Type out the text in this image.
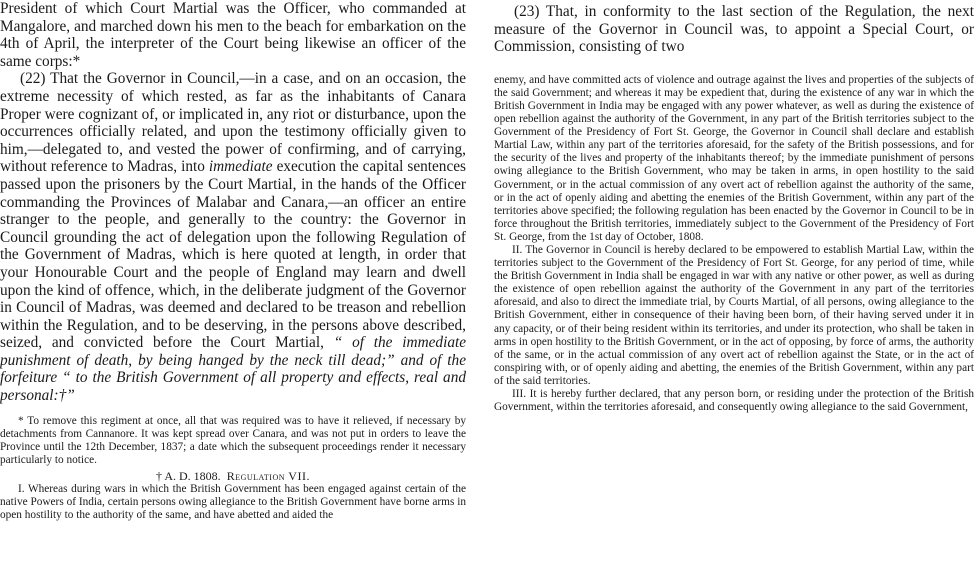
President of which Court Martial was the Officer, who commanded at Mangalore, and marched down his men to the beach for embarkation on the 4th of April, the interpreter of the Court being likewise an officer of the same corps:*

(22) That the Governor in Council,—in a case, and on an occasion, the extreme necessity of which rested, as far as the inhabitants of Canara Proper were cognizant of, or implicated in, any riot or disturbance, upon the occurrences officially related, and upon the testimony officially given to him,—delegated to, and vested the power of confirming, and of carrying, without reference to Madras, into immediate execution the capital sentences passed upon the prisoners by the Court Martial, in the hands of the Officer commanding the Provinces of Malabar and Canara,—an officer an entire stranger to the people, and generally to the country: the Governor in Council grounding the act of delegation upon the following Regulation of the Government of Madras, which is here quoted at length, in order that your Honourable Court and the people of England may learn and dwell upon the kind of offence, which, in the deliberate judgment of the Governor in Council of Madras, was deemed and declared to be treason and rebellion within the Regulation, and to be deserving, in the persons above described, seized, and convicted before the Court Martial, “ of the immediate punishment of death, by being hanged by the neck till dead;” and of the forfeiture “ to the British Government of all property and effects, real and personal:†”

* To remove this regiment at once, all that was required was to have it relieved, if necessary by detachments from Cannanore. It was kept spread over Canara, and was not put in orders to leave the Province until the 12th December, 1837; a date which the subsequent proceedings render it necessary particularly to notice.

† A. D. 1808. Regulation VII.

I. Whereas during wars in which the British Government has been engaged against certain of the native Powers of India, certain persons owing allegiance to the British Government have borne arms in open hostility to the authority of the same, and have abetted and aided the

(23) That, in conformity to the last section of the Regulation, the next measure of the Governor in Council was, to appoint a Special Court, or Commission, consisting of two

enemy, and have committed acts of violence and outrage against the lives and properties of the subjects of the said Government; and whereas it may be expedient that, during the existence of any war in which the British Government in India may be engaged with any power whatever, as well as during the existence of open rebellion against the authority of the Government, in any part of the British territories subject to the Government of the Presidency of Fort St. George, the Governor in Council shall declare and establish Martial Law, within any part of the territories aforesaid, for the safety of the British possessions, and for the security of the lives and property of the inhabitants thereof; by the immediate punishment of persons owing allegiance to the British Government, who may be taken in arms, in open hostility to the said Government, or in the actual commission of any overt act of rebellion against the authority of the same, or in the act of openly aiding and abetting the enemies of the British Government, within any part of the territories above specified; the following regulation has been enacted by the Governor in Council to be in force throughout the British territories, immediately subject to the Government of the Presidency of Fort St. George, from the 1st day of October, 1808.

II. The Governor in Council is hereby declared to be empowered to establish Martial Law, within the territories subject to the Government of the Presidency of Fort St. George, for any period of time, while the British Government in India shall be engaged in war with any native or other power, as well as during the existence of open rebellion against the authority of the Government in any part of the territories aforesaid, and also to direct the immediate trial, by Courts Martial, of all persons, owing allegiance to the British Government, either in consequence of their having been born, of their having served under it in any capacity, or of their being resident within its territories, and under its protection, who shall be taken in arms in open hostility to the British Government, or in the act of opposing, by force of arms, the authority of the same, or in the actual commission of any overt act of rebellion against the State, or in the act of conspiring with, or of openly aiding and abetting, the enemies of the British Government, within any part of the said territories.

III. It is hereby further declared, that any person born, or residing under the protection of the British Government, within the territories aforesaid, and consequently owing allegiance to the said Government,
